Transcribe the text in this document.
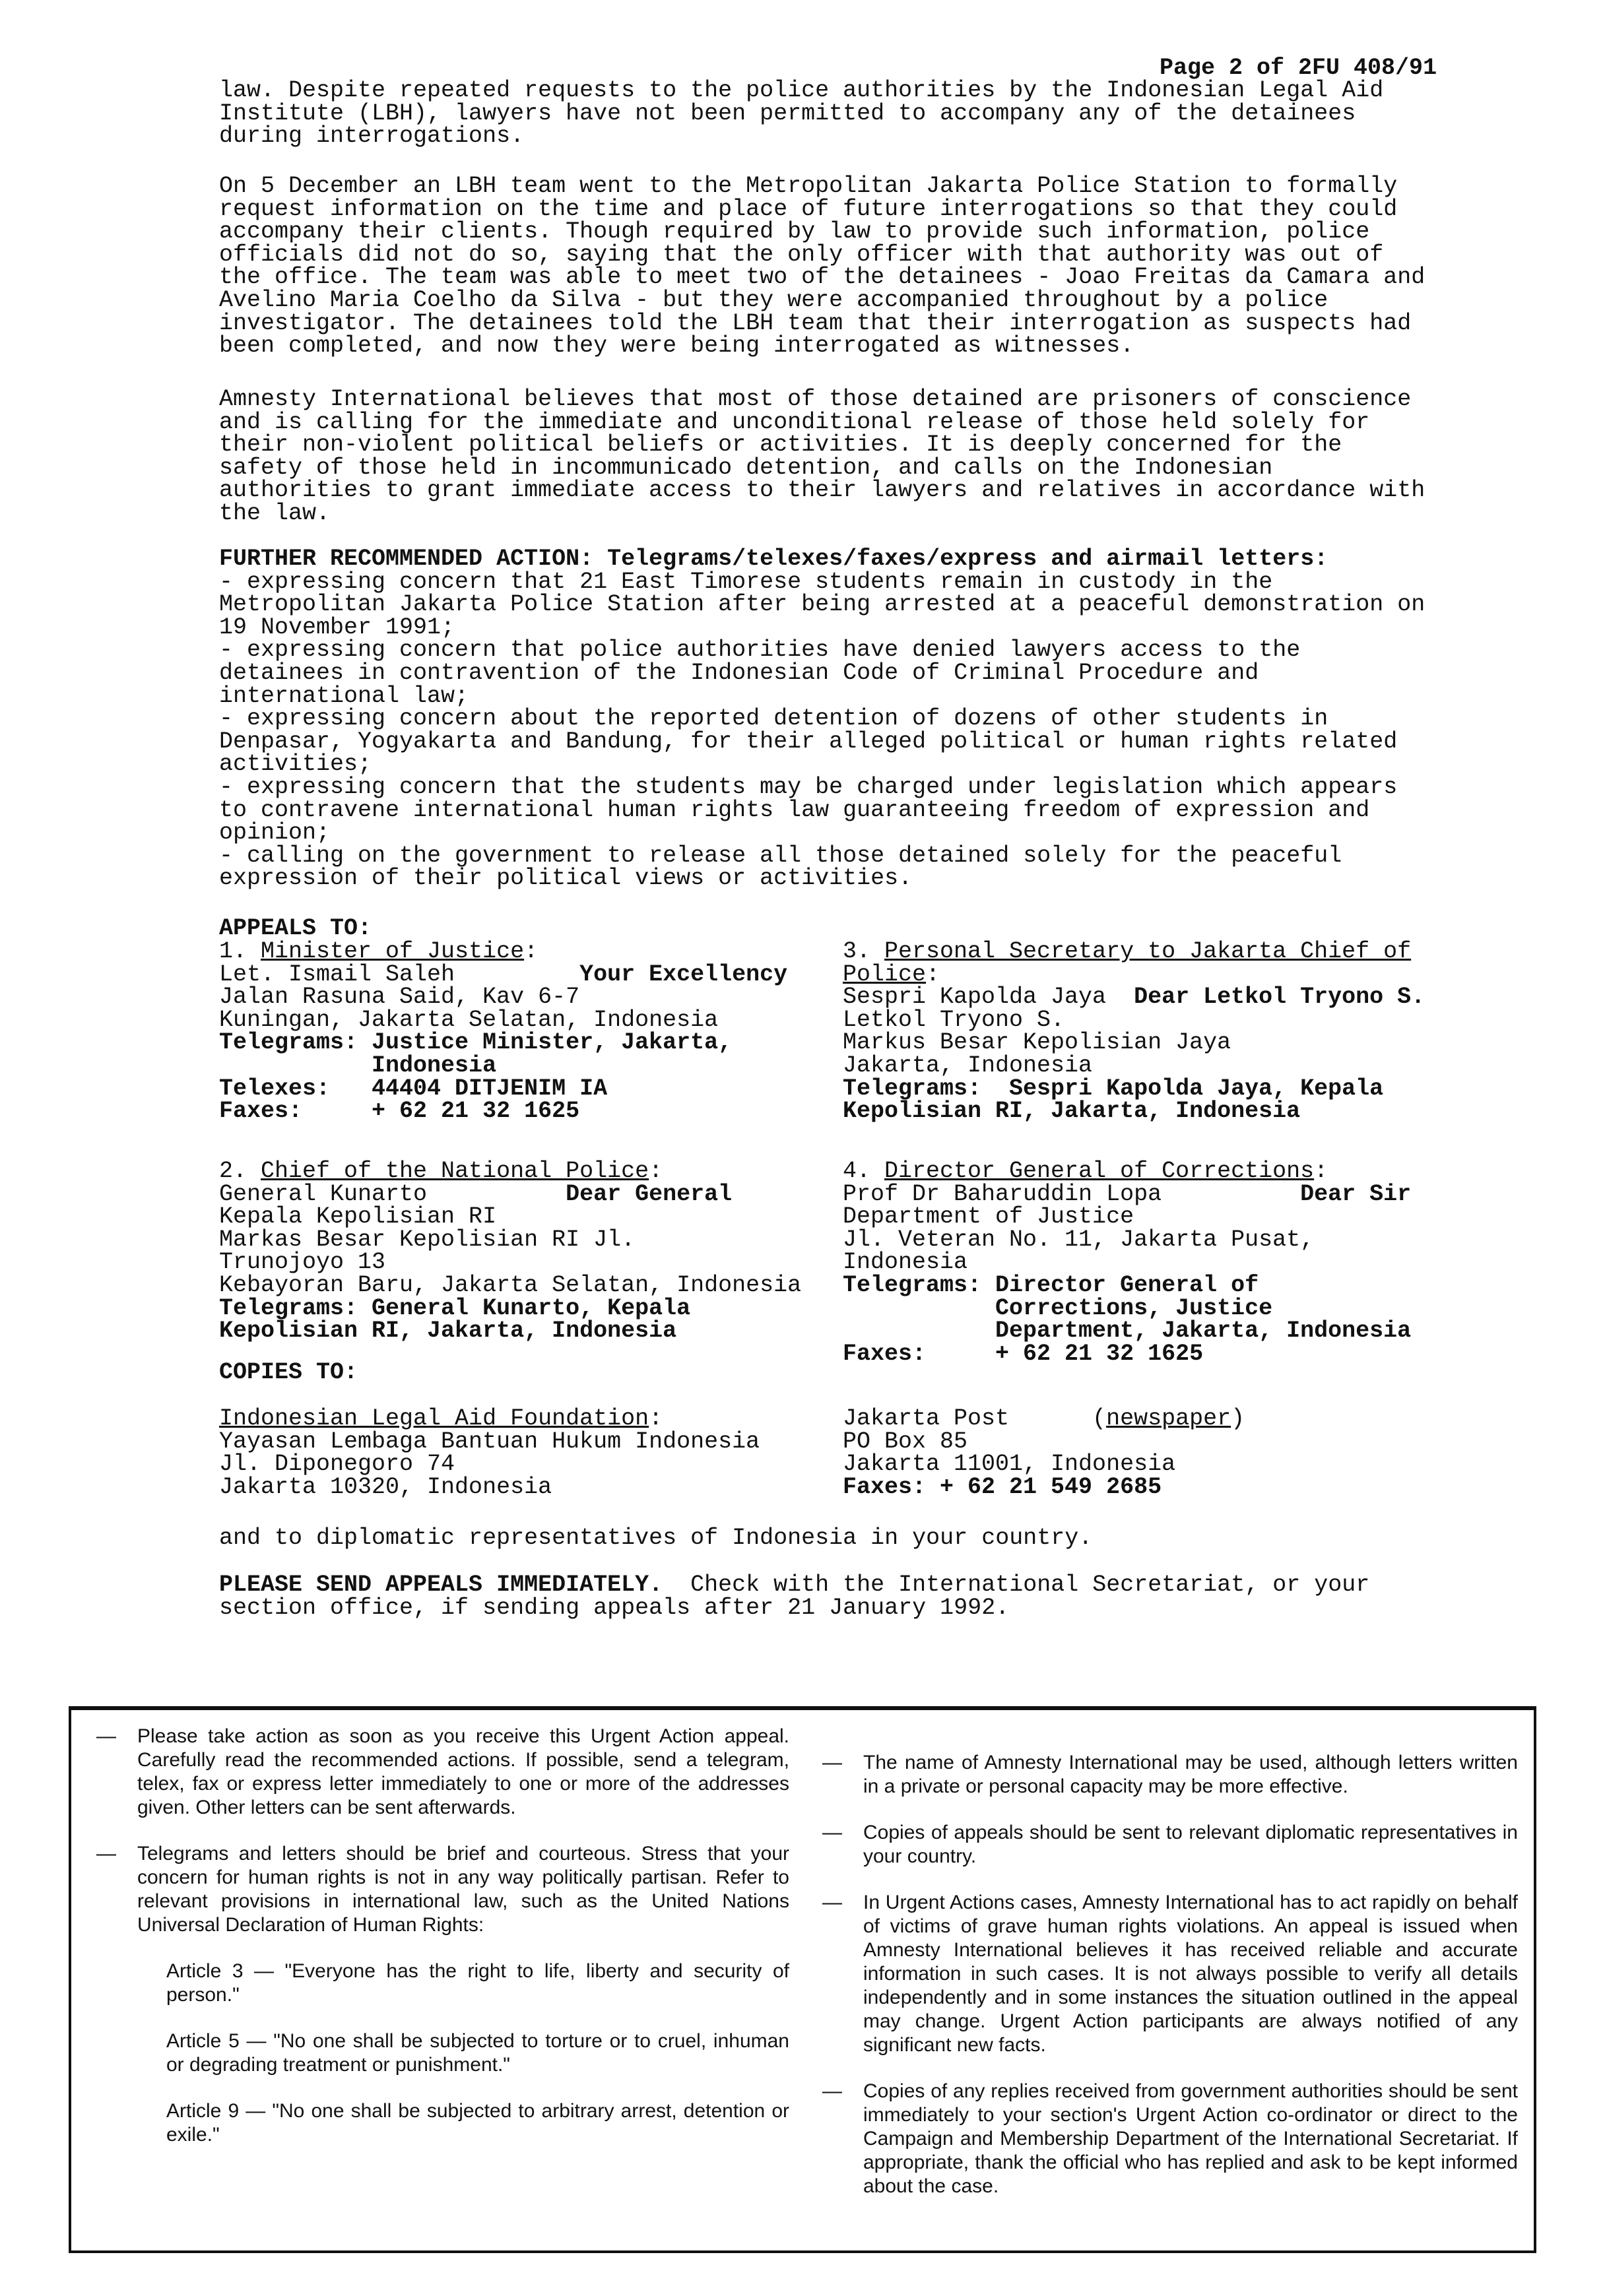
Page 2 of 2FU 408/91
law. Despite repeated requests to the police authorities by the Indonesian Legal Aid
Institute (LBH), lawyers have not been permitted to accompany any of the detainees
during interrogations.
On 5 December an LBH team went to the Metropolitan Jakarta Police Station to formally
request information on the time and place of future interrogations so that they could
accompany their clients. Though required by law to provide such information, police
officials did not do so, saying that the only officer with that authority was out of
the office. The team was able to meet two of the detainees - Joao Freitas da Camara and
Avelino Maria Coelho da Silva - but they were accompanied throughout by a police
investigator. The detainees told the LBH team that their interrogation as suspects had
been completed, and now they were being interrogated as witnesses.
Amnesty International believes that most of those detained are prisoners of conscience
and is calling for the immediate and unconditional release of those held solely for
their non-violent political beliefs or activities. It is deeply concerned for the
safety of those held in incommunicado detention, and calls on the Indonesian
authorities to grant immediate access to their lawyers and relatives in accordance with
the law.
FURTHER RECOMMENDED ACTION: Telegrams/telexes/faxes/express and airmail letters:
- expressing concern that 21 East Timorese students remain in custody in the
Metropolitan Jakarta Police Station after being arrested at a peaceful demonstration on
19 November 1991;
- expressing concern that police authorities have denied lawyers access to the
detainees in contravention of the Indonesian Code of Criminal Procedure and
international law;
- expressing concern about the reported detention of dozens of other students in
Denpasar, Yogyakarta and Bandung, for their alleged political or human rights related
activities;
- expressing concern that the students may be charged under legislation which appears
to contravene international human rights law guaranteeing freedom of expression and
opinion;
- calling on the government to release all those detained solely for the peaceful
expression of their political views or activities.
APPEALS TO:
1. Minister of Justice:
Let. Ismail Saleh         Your Excellency
Jalan Rasuna Said, Kav 6-7
Kuningan, Jakarta Selatan, Indonesia
Telegrams: Justice Minister, Jakarta,
Indonesia
Telexes:   44404 DITJENIM IA
Faxes:     + 62 21 32 1625
2. Chief of the National Police:
General Kunarto          Dear General
Kepala Kepolisian RI
Markas Besar Kepolisian RI Jl.
Trunojoyo 13
Kebayoran Baru, Jakarta Selatan, Indonesia
Telegrams: General Kunarto, Kepala
Kepolisian RI, Jakarta, Indonesia
3. Personal Secretary to Jakarta Chief of
Police:
Sespri Kapolda Jaya  Dear Letkol Tryono S.
Letkol Tryono S.
Markus Besar Kepolisian Jaya
Jakarta, Indonesia
Telegrams:  Sespri Kapolda Jaya, Kepala
Kepolisian RI, Jakarta, Indonesia
4. Director General of Corrections:
Prof Dr Baharuddin Lopa          Dear Sir
Department of Justice
Jl. Veteran No. 11, Jakarta Pusat,
Indonesia
Telegrams: Director General of
Corrections, Justice
Department, Jakarta, Indonesia
Faxes:     + 62 21 32 1625
COPIES TO:
Indonesian Legal Aid Foundation:
Yayasan Lembaga Bantuan Hukum Indonesia
Jl. Diponegoro 74
Jakarta 10320, Indonesia
Jakarta Post      (newspaper)
PO Box 85
Jakarta 11001, Indonesia
Faxes: + 62 21 549 2685
and to diplomatic representatives of Indonesia in your country.
PLEASE SEND APPEALS IMMEDIATELY.  Check with the International Secretariat, or your
section office, if sending appeals after 21 January 1992.
— Please take action as soon as you receive this Urgent Action appeal. Carefully read the recommended actions. If possible, send a telegram, telex, fax or express letter immediately to one or more of the addresses given. Other letters can be sent afterwards.
— Telegrams and letters should be brief and courteous. Stress that your concern for human rights is not in any way politically partisan. Refer to relevant provisions in international law, such as the United Nations Universal Declaration of Human Rights:
Article 3 — "Everyone has the right to life, liberty and security of person."
Article 5 — "No one shall be subjected to torture or to cruel, inhuman or degrading treatment or punishment."
Article 9 — "No one shall be subjected to arbitrary arrest, detention or exile."
— The name of Amnesty International may be used, although letters written in a private or personal capacity may be more effective.
— Copies of appeals should be sent to relevant diplomatic representatives in your country.
— In Urgent Actions cases, Amnesty International has to act rapidly on behalf of victims of grave human rights violations. An appeal is issued when Amnesty International believes it has received reliable and accurate information in such cases. It is not always possible to verify all details independently and in some instances the situation outlined in the appeal may change. Urgent Action participants are always notified of any significant new facts.
— Copies of any replies received from government authorities should be sent immediately to your section's Urgent Action co-ordinator or direct to the Campaign and Membership Department of the International Secretariat. If appropriate, thank the official who has replied and ask to be kept informed about the case.
